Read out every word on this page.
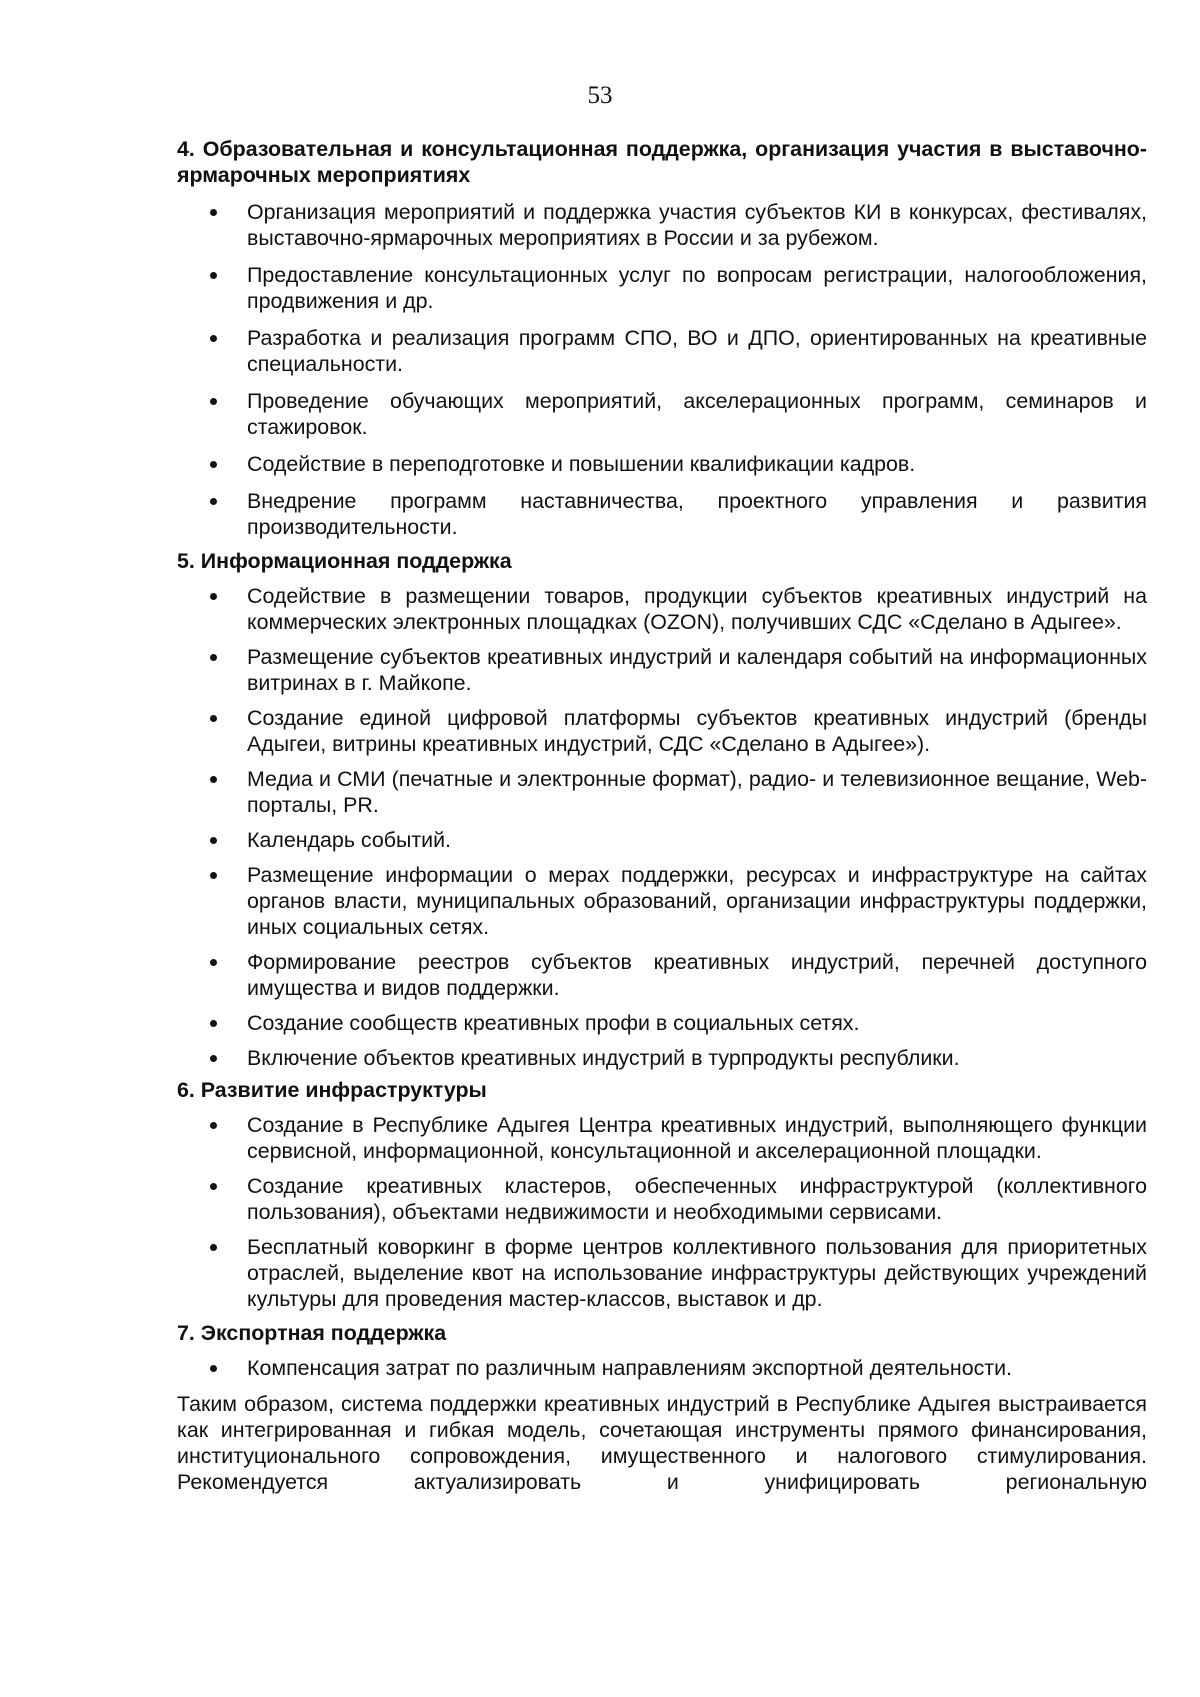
53

4. Образовательная и консультационная поддержка, организация участия в выставочно-ярмарочных мероприятиях

Организация мероприятий и поддержка участия субъектов КИ в конкурсах, фестивалях, выставочно-ярмарочных мероприятиях в России и за рубежом.
Предоставление консультационных услуг по вопросам регистрации, налогообложения, продвижения и др.
Разработка и реализация программ СПО, ВО и ДПО, ориентированных на креативные специальности.
Проведение обучающих мероприятий, акселерационных программ, семинаров и стажировок.
Содействие в переподготовке и повышении квалификации кадров.
Внедрение программ наставничества, проектного управления и развития производительности.

5. Информационная поддержка

Содействие в размещении товаров, продукции субъектов креативных индустрий на коммерческих электронных площадках (OZON), получивших СДС «Сделано в Адыгее».
Размещение субъектов креативных индустрий и календаря событий на информационных витринах в г. Майкопе.
Создание единой цифровой платформы субъектов креативных индустрий (бренды Адыгеи, витрины креативных индустрий, СДС «Сделано в Адыгее»).
Медиа и СМИ (печатные и электронные формат), радио- и телевизионное вещание, Web-порталы, PR.
Календарь событий.
Размещение информации о мерах поддержки, ресурсах и инфраструктуре на сайтах органов власти, муниципальных образований, организации инфраструктуры поддержки, иных социальных сетях.
Формирование реестров субъектов креативных индустрий, перечней доступного имущества и видов поддержки.
Создание сообществ креативных профи в социальных сетях.
Включение объектов креативных индустрий в турпродукты республики.

6. Развитие инфраструктуры

Создание в Республике Адыгея Центра креативных индустрий, выполняющего функции сервисной, информационной, консультационной и акселерационной площадки.
Создание креативных кластеров, обеспеченных инфраструктурой (коллективного пользования), объектами недвижимости и необходимыми сервисами.
Бесплатный коворкинг в форме центров коллективного пользования для приоритетных отраслей, выделение квот на использование инфраструктуры действующих учреждений культуры для проведения мастер-классов, выставок и др.

7. Экспортная поддержка

Компенсация затрат по различным направлениям экспортной деятельности.

Таким образом, система поддержки креативных индустрий в Республике Адыгея выстраивается как интегрированная и гибкая модель, сочетающая инструменты прямого финансирования, институционального сопровождения, имущественного и налогового стимулирования. Рекомендуется актуализировать и унифицировать региональную
